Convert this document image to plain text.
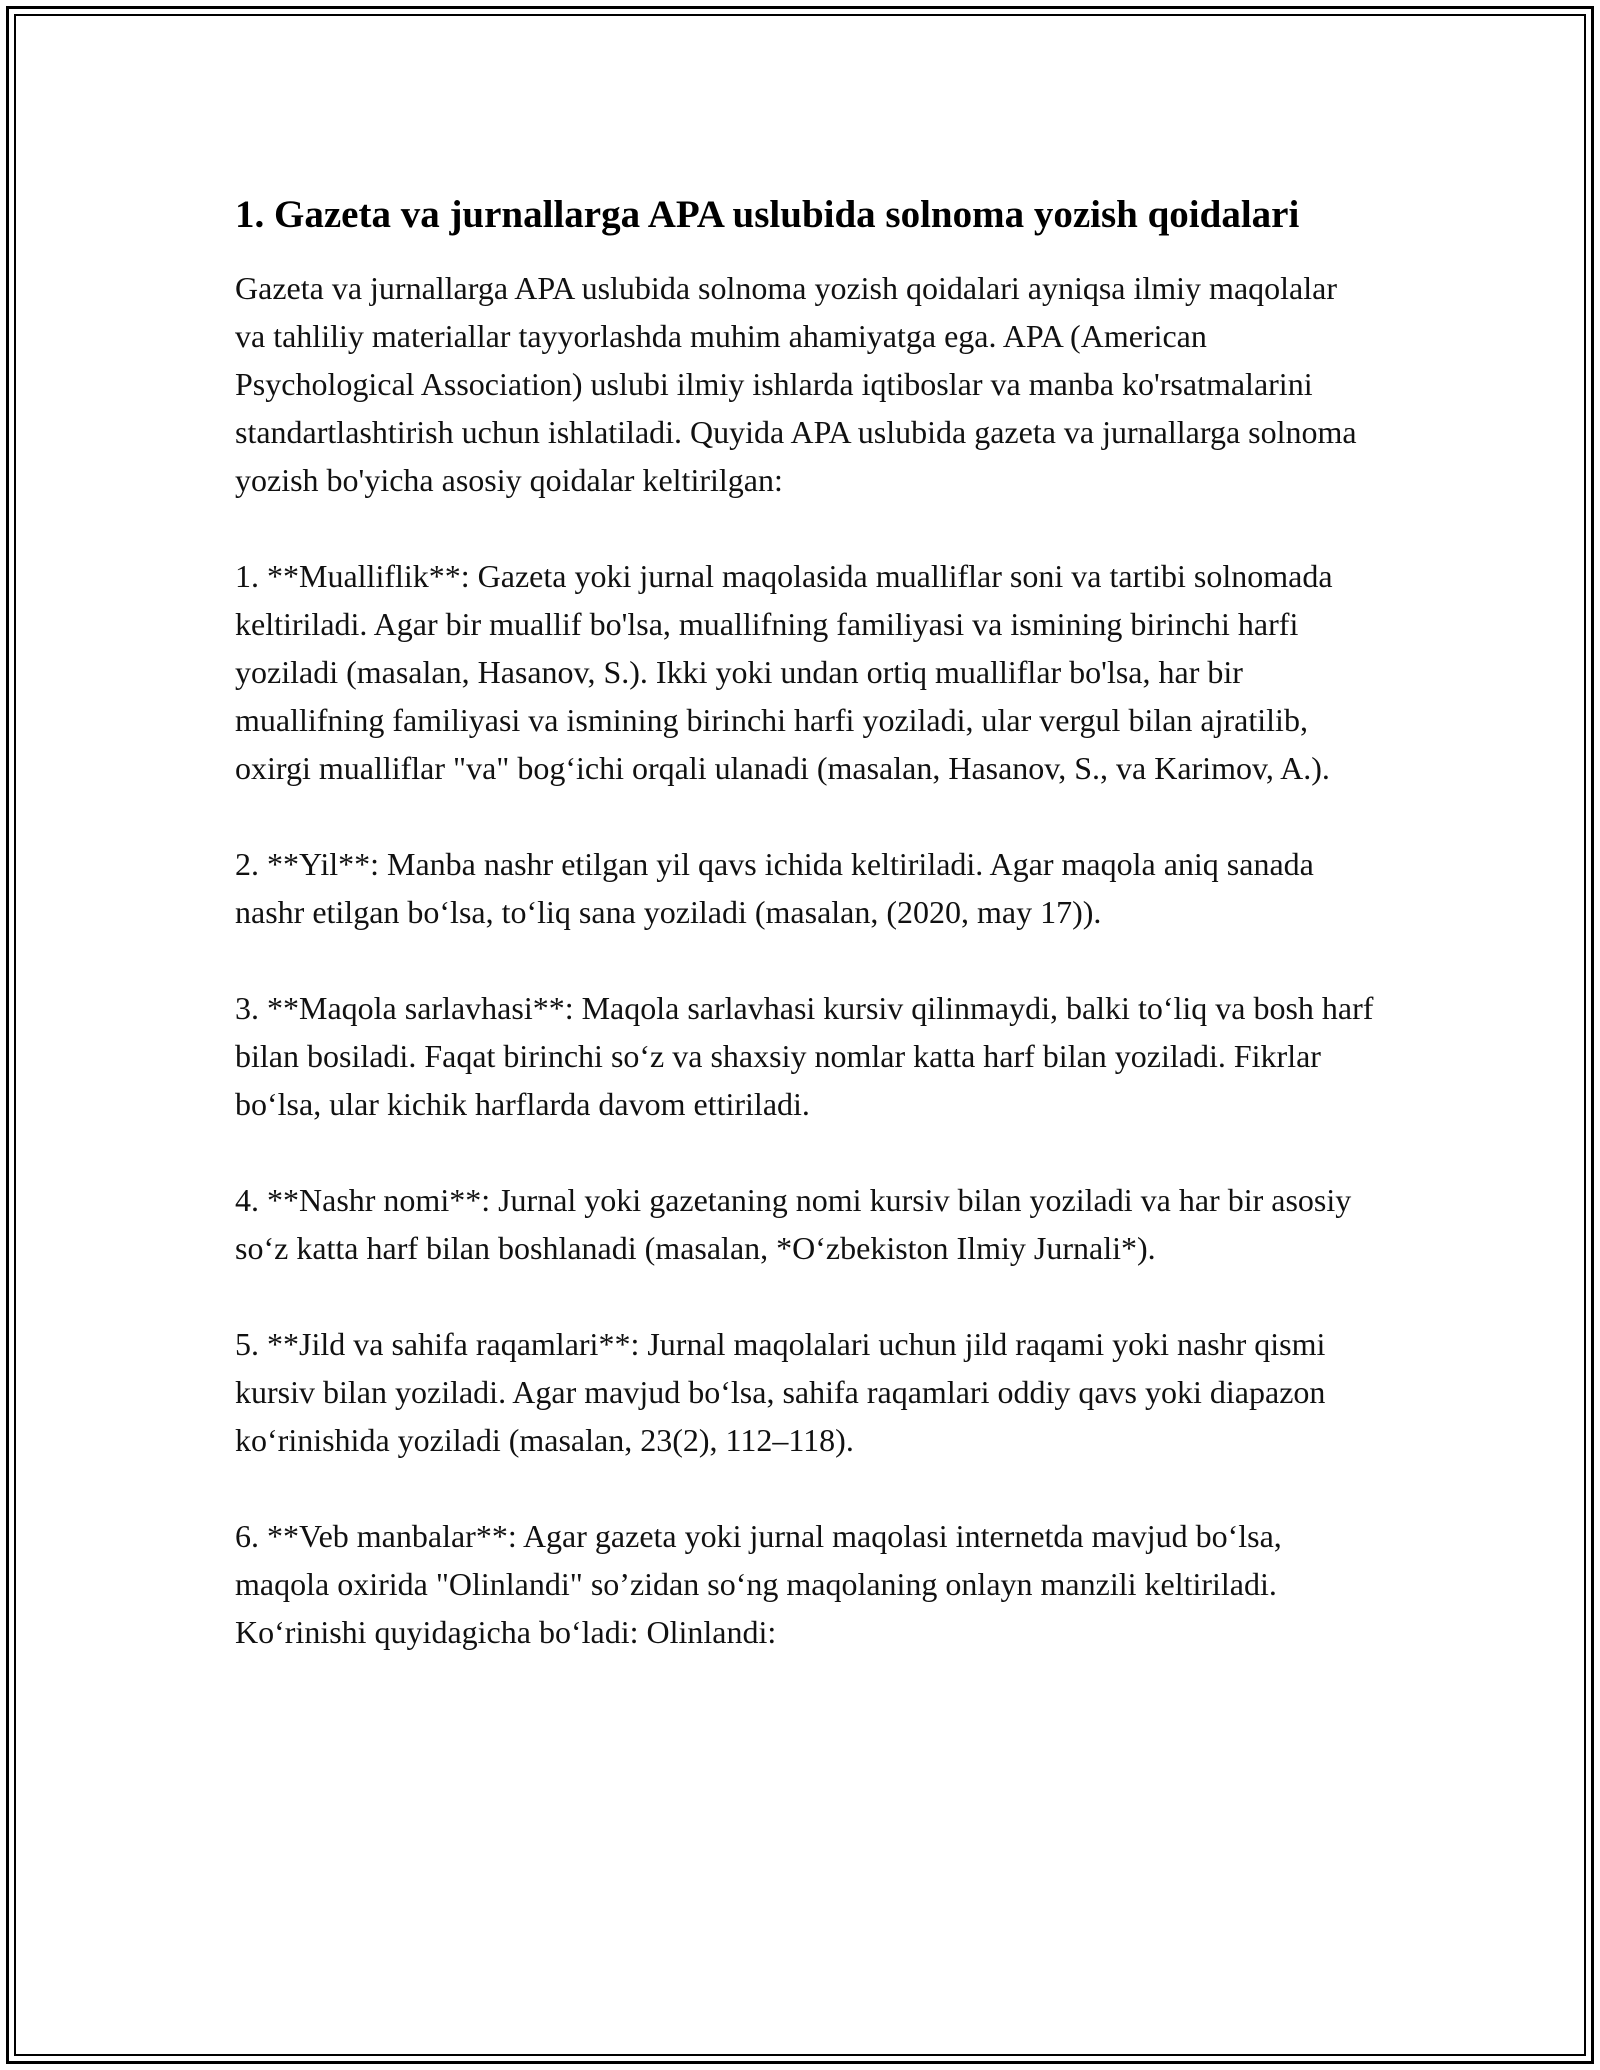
1. Gazeta va jurnallarga APA uslubida solnoma yozish qoidalari

Gazeta va jurnallarga APA uslubida solnoma yozish qoidalari ayniqsa ilmiy maqolalar va tahliliy materiallar tayyorlashda muhim ahamiyatga ega. APA (American Psychological Association) uslubi ilmiy ishlarda iqtiboslar va manba ko'rsatmalarini standartlashtirish uchun ishlatiladi. Quyida APA uslubida gazeta va jurnallarga solnoma yozish bo'yicha asosiy qoidalar keltirilgan:

1. **Mualliflik**: Gazeta yoki jurnal maqolasida mualliflar soni va tartibi solnomada keltiriladi. Agar bir muallif bo'lsa, muallifning familiyasi va ismining birinchi harfi yoziladi (masalan, Hasanov, S.). Ikki yoki undan ortiq mualliflar bo'lsa, har bir muallifning familiyasi va ismining birinchi harfi yoziladi, ular vergul bilan ajratilib, oxirgi mualliflar "va" bog‘ichi orqali ulanadi (masalan, Hasanov, S., va Karimov, A.).

2. **Yil**: Manba nashr etilgan yil qavs ichida keltiriladi. Agar maqola aniq sanada nashr etilgan bo‘lsa, to‘liq sana yoziladi (masalan, (2020, may 17)).

3. **Maqola sarlavhasi**: Maqola sarlavhasi kursiv qilinmaydi, balki to‘liq va bosh harf bilan bosiladi. Faqat birinchi so‘z va shaxsiy nomlar katta harf bilan yoziladi. Fikrlar bo‘lsa, ular kichik harflarda davom ettiriladi.

4. **Nashr nomi**: Jurnal yoki gazetaning nomi kursiv bilan yoziladi va har bir asosiy so‘z katta harf bilan boshlanadi (masalan, *O‘zbekiston Ilmiy Jurnali*).

5. **Jild va sahifa raqamlari**: Jurnal maqolalari uchun jild raqami yoki nashr qismi kursiv bilan yoziladi. Agar mavjud bo‘lsa, sahifa raqamlari oddiy qavs yoki diapazon ko‘rinishida yoziladi (masalan, 23(2), 112–118).

6. **Veb manbalar**: Agar gazeta yoki jurnal maqolasi internetda mavjud bo‘lsa, maqola oxirida "Olinlandi" so’zidan so‘ng maqolaning onlayn manzili keltiriladi. Ko‘rinishi quyidagicha bo‘ladi: Olinlandi:
